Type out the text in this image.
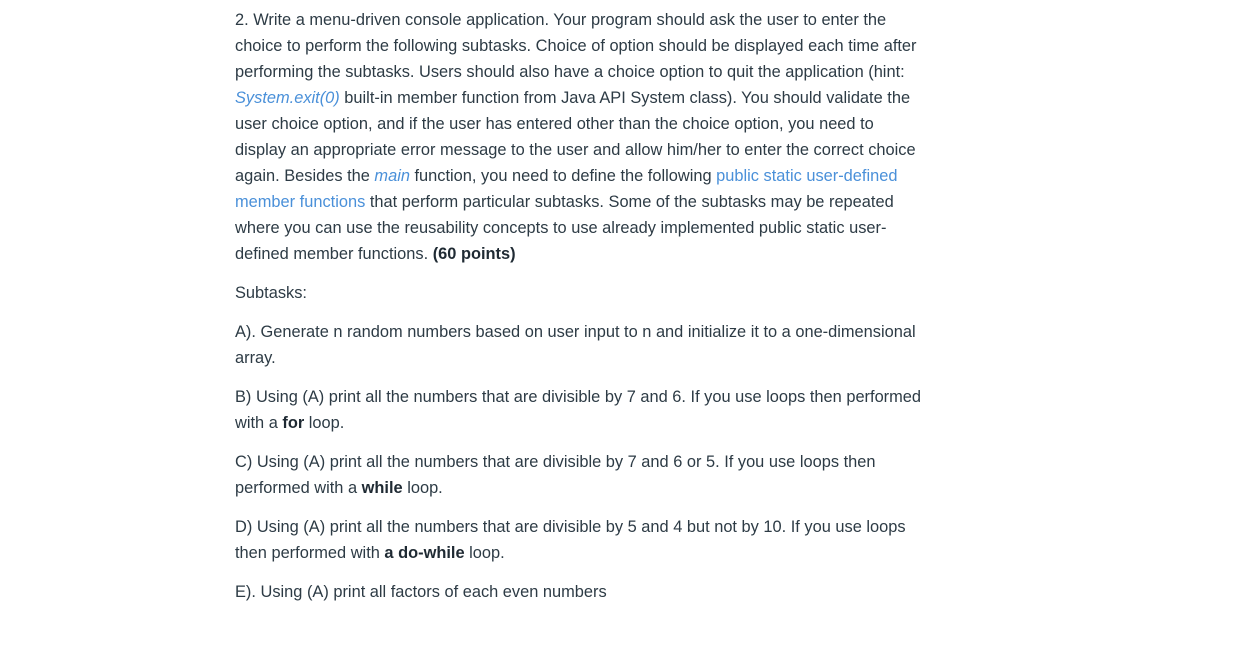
2. Write a menu-driven console application. Your program should ask the user to enter the choice to perform the following subtasks. Choice of option should be displayed each time after performing the subtasks. Users should also have a choice option to quit the application (hint: System.exit(0) built-in member function from Java API System class). You should validate the user choice option, and if the user has entered other than the choice option, you need to display an appropriate error message to the user and allow him/her to enter the correct choice again. Besides the main function, you need to define the following public static user-defined member functions that perform particular subtasks. Some of the subtasks may be repeated where you can use the reusability concepts to use already implemented public static user-defined member functions. (60 points)

Subtasks:

A). Generate n random numbers based on user input to n and initialize it to a one-dimensional array.

B) Using (A) print all the numbers that are divisible by 7 and 6. If you use loops then performed with a for loop.

C) Using (A) print all the numbers that are divisible by 7 and 6 or 5. If you use loops then performed with a while loop.

D) Using (A) print all the numbers that are divisible by 5 and 4 but not by 10. If you use loops then performed with a do-while loop.

E). Using (A) print all factors of each even numbers
